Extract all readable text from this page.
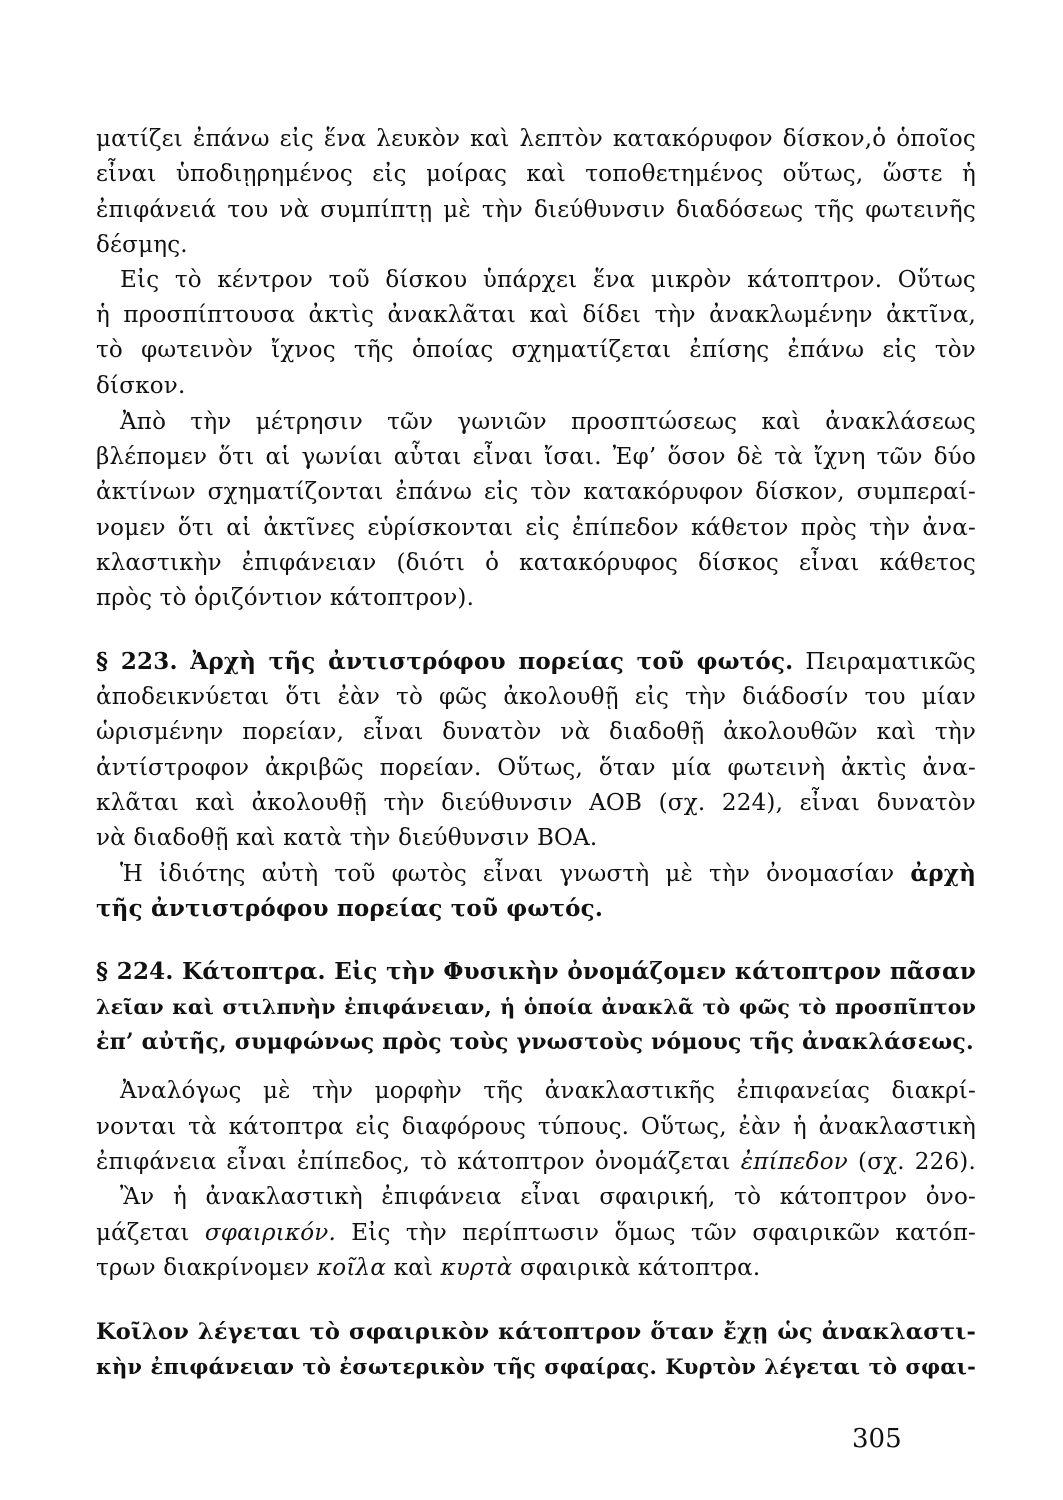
ματίζει ἐπάνω εἰς ἕνα λευκὸν καὶ λεπτὸν κατακόρυφον δίσκον,ὁ ὁποῖος
εἶναι ὑποδιῃρημένος εἰς μοίρας καὶ τοποθετημένος οὕτως, ὥστε ἡ
ἐπιφάνειά του νὰ συμπίπτῃ μὲ τὴν διεύθυνσιν διαδόσεως τῆς φωτεινῆς
δέσμης.
Εἰς τὸ κέντρον τοῦ δίσκου ὑπάρχει ἕνα μικρὸν κάτοπτρον. Οὕτως
ἡ προσπίπτουσα ἀκτὶς ἀνακλᾶται καὶ δίδει τὴν ἀνακλωμένην ἀκτῖνα,
τὸ φωτεινὸν ἴχνος τῆς ὁποίας σχηματίζεται ἐπίσης ἐπάνω εἰς τὸν
δίσκον.
Ἀπὸ τὴν μέτρησιν τῶν γωνιῶν προσπτώσεως καὶ ἀνακλάσεως
βλέπομεν ὅτι αἱ γωνίαι αὗται εἶναι ἴσαι. Ἐφ’ ὅσον δὲ τὰ ἴχνη τῶν δύο
ἀκτίνων σχηματίζονται ἐπάνω εἰς τὸν κατακόρυφον δίσκον, συμπεραί-
νομεν ὅτι αἱ ἀκτῖνες εὑρίσκονται εἰς ἐπίπεδον κάθετον πρὸς τὴν ἀνα-
κλαστικὴν ἐπιφάνειαν (διότι ὁ κατακόρυφος δίσκος εἶναι κάθετος
πρὸς τὸ ὁριζόντιον κάτοπτρον).
§ 223. Ἀρχὴ τῆς ἀντιστρόφου πορείας τοῦ φωτός. Πειραματικῶς
ἀποδεικνύεται ὅτι ἐὰν τὸ φῶς ἀκολουθῇ εἰς τὴν διάδοσίν του μίαν
ὡρισμένην πορείαν, εἶναι δυνατὸν νὰ διαδοθῇ ἀκολουθῶν καὶ τὴν
ἀντίστροφον ἀκριβῶς πορείαν. Οὕτως, ὅταν μία φωτεινὴ ἀκτὶς ἀνα-
κλᾶται καὶ ἀκολουθῇ τὴν διεύθυνσιν ΑΟΒ (σχ. 224), εἶναι δυνατὸν
νὰ διαδοθῇ καὶ κατὰ τὴν διεύθυνσιν ΒΟΑ.
Ἡ ἰδιότης αὐτὴ τοῦ φωτὸς εἶναι γνωστὴ μὲ τὴν ὀνομασίαν ἀρχὴ
τῆς ἀντιστρόφου πορείας τοῦ φωτός.
§ 224. Κάτοπτρα. Εἰς τὴν Φυσικὴν ὀνομάζομεν κάτοπτρον πᾶσαν
λεῖαν καὶ στιλπνὴν ἐπιφάνειαν, ἡ ὁποία ἀνακλᾶ τὸ φῶς τὸ προσπῖπτον
ἐπ’ αὐτῆς, συμφώνως πρὸς τοὺς γνωστοὺς νόμους τῆς ἀνακλάσεως.
Ἀναλόγως μὲ τὴν μορφὴν τῆς ἀνακλαστικῆς ἐπιφανείας διακρί-
νονται τὰ κάτοπτρα εἰς διαφόρους τύπους. Οὕτως, ἐὰν ἡ ἀνακλαστικὴ
ἐπιφάνεια εἶναι ἐπίπεδος, τὸ κάτοπτρον ὀνομάζεται ἐπίπεδον (σχ. 226).
Ἂν ἡ ἀνακλαστικὴ ἐπιφάνεια εἶναι σφαιρική, τὸ κάτοπτρον ὀνο-
μάζεται σφαιρικόν. Εἰς τὴν περίπτωσιν ὅμως τῶν σφαιρικῶν κατόπ-
τρων διακρίνομεν κοῖλα καὶ κυρτὰ σφαιρικὰ κάτοπτρα.
Κοῖλον λέγεται τὸ σφαιρικὸν κάτοπτρον ὅταν ἔχῃ ὡς ἀνακλαστι-
κὴν ἐπιφάνειαν τὸ ἐσωτερικὸν τῆς σφαίρας. Κυρτὸν λέγεται τὸ σφαι-
305
